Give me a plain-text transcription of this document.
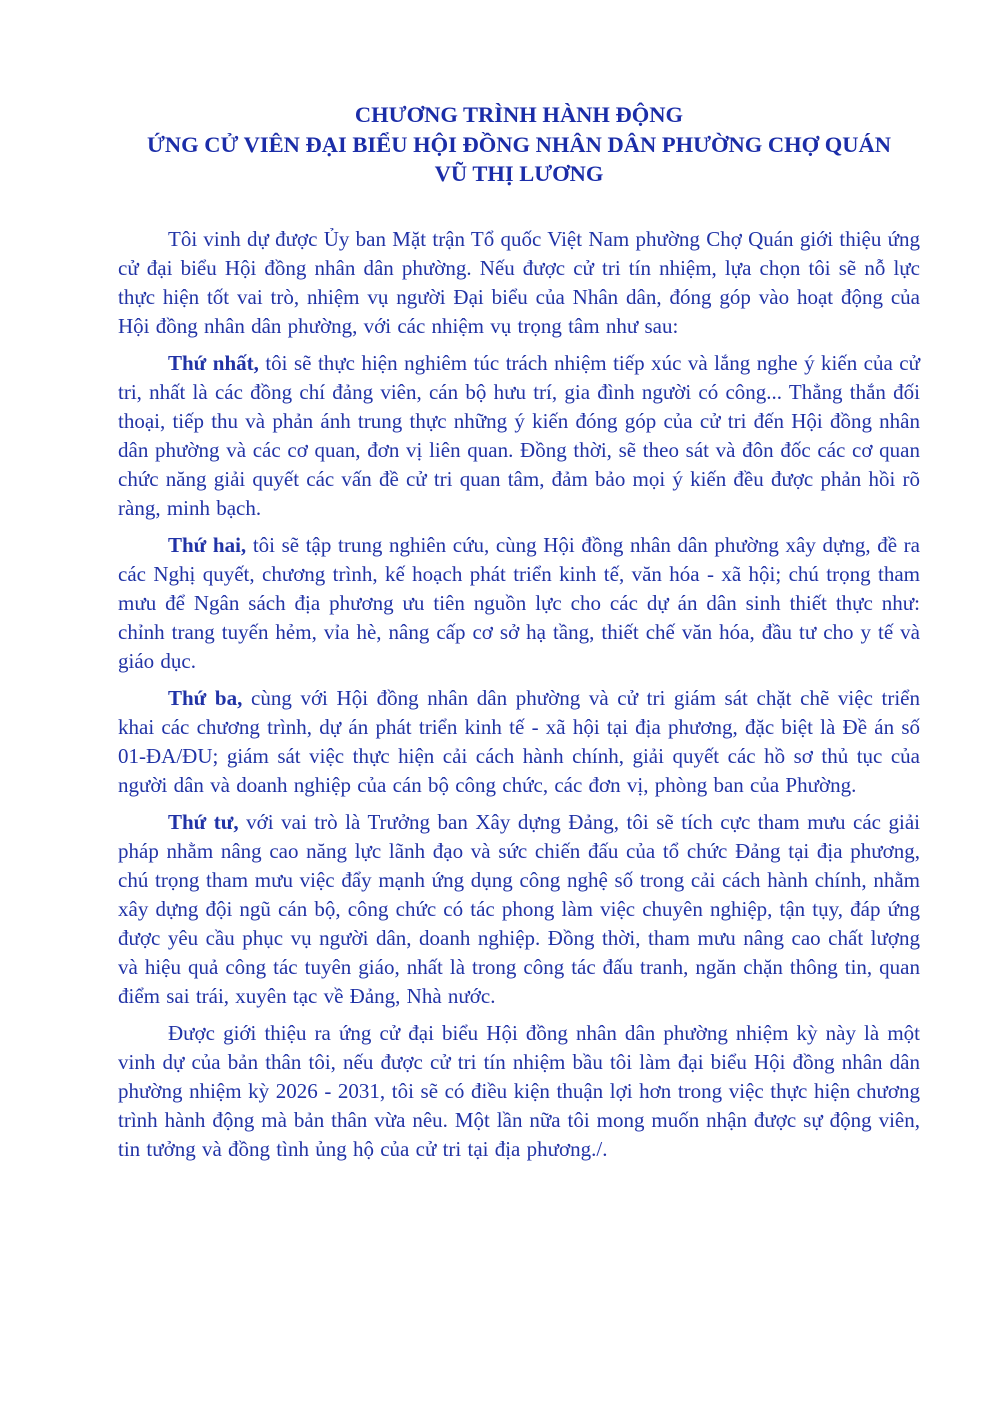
CHƯƠNG TRÌNH HÀNH ĐỘNG
ỨNG CỬ VIÊN ĐẠI BIỂU HỘI ĐỒNG NHÂN DÂN PHƯỜNG CHỢ QUÁN
VŨ THỊ LƯƠNG

Tôi vinh dự được Ủy ban Mặt trận Tổ quốc Việt Nam phường Chợ Quán giới thiệu ứng cử đại biểu Hội đồng nhân dân phường. Nếu được cử tri tín nhiệm, lựa chọn tôi sẽ nỗ lực thực hiện tốt vai trò, nhiệm vụ người Đại biểu của Nhân dân, đóng góp vào hoạt động của Hội đồng nhân dân phường, với các nhiệm vụ trọng tâm như sau:

Thứ nhất, tôi sẽ thực hiện nghiêm túc trách nhiệm tiếp xúc và lắng nghe ý kiến của cử tri, nhất là các đồng chí đảng viên, cán bộ hưu trí, gia đình người có công... Thẳng thắn đối thoại, tiếp thu và phản ánh trung thực những ý kiến đóng góp của cử tri đến Hội đồng nhân dân phường và các cơ quan, đơn vị liên quan. Đồng thời, sẽ theo sát và đôn đốc các cơ quan chức năng giải quyết các vấn đề cử tri quan tâm, đảm bảo mọi ý kiến đều được phản hồi rõ ràng, minh bạch.

Thứ hai, tôi sẽ tập trung nghiên cứu, cùng Hội đồng nhân dân phường xây dựng, đề ra các Nghị quyết, chương trình, kế hoạch phát triển kinh tế, văn hóa - xã hội; chú trọng tham mưu để Ngân sách địa phương ưu tiên nguồn lực cho các dự án dân sinh thiết thực như: chỉnh trang tuyến hẻm, vỉa hè, nâng cấp cơ sở hạ tầng, thiết chế văn hóa, đầu tư cho y tế và giáo dục.

Thứ ba, cùng với Hội đồng nhân dân phường và cử tri giám sát chặt chẽ việc triển khai các chương trình, dự án phát triển kinh tế - xã hội tại địa phương, đặc biệt là Đề án số 01-ĐA/ĐU; giám sát việc thực hiện cải cách hành chính, giải quyết các hồ sơ thủ tục của người dân và doanh nghiệp của cán bộ công chức, các đơn vị, phòng ban của Phường.

Thứ tư, với vai trò là Trưởng ban Xây dựng Đảng, tôi sẽ tích cực tham mưu các giải pháp nhằm nâng cao năng lực lãnh đạo và sức chiến đấu của tổ chức Đảng tại địa phương, chú trọng tham mưu việc đẩy mạnh ứng dụng công nghệ số trong cải cách hành chính, nhằm xây dựng đội ngũ cán bộ, công chức có tác phong làm việc chuyên nghiệp, tận tụy, đáp ứng được yêu cầu phục vụ người dân, doanh nghiệp. Đồng thời, tham mưu nâng cao chất lượng và hiệu quả công tác tuyên giáo, nhất là trong công tác đấu tranh, ngăn chặn thông tin, quan điểm sai trái, xuyên tạc về Đảng, Nhà nước.

Được giới thiệu ra ứng cử đại biểu Hội đồng nhân dân phường nhiệm kỳ này là một vinh dự của bản thân tôi, nếu được cử tri tín nhiệm bầu tôi làm đại biểu Hội đồng nhân dân phường nhiệm kỳ 2026 - 2031, tôi sẽ có điều kiện thuận lợi hơn trong việc thực hiện chương trình hành động mà bản thân vừa nêu. Một lần nữa tôi mong muốn nhận được sự động viên, tin tưởng và đồng tình ủng hộ của cử tri tại địa phương./.
